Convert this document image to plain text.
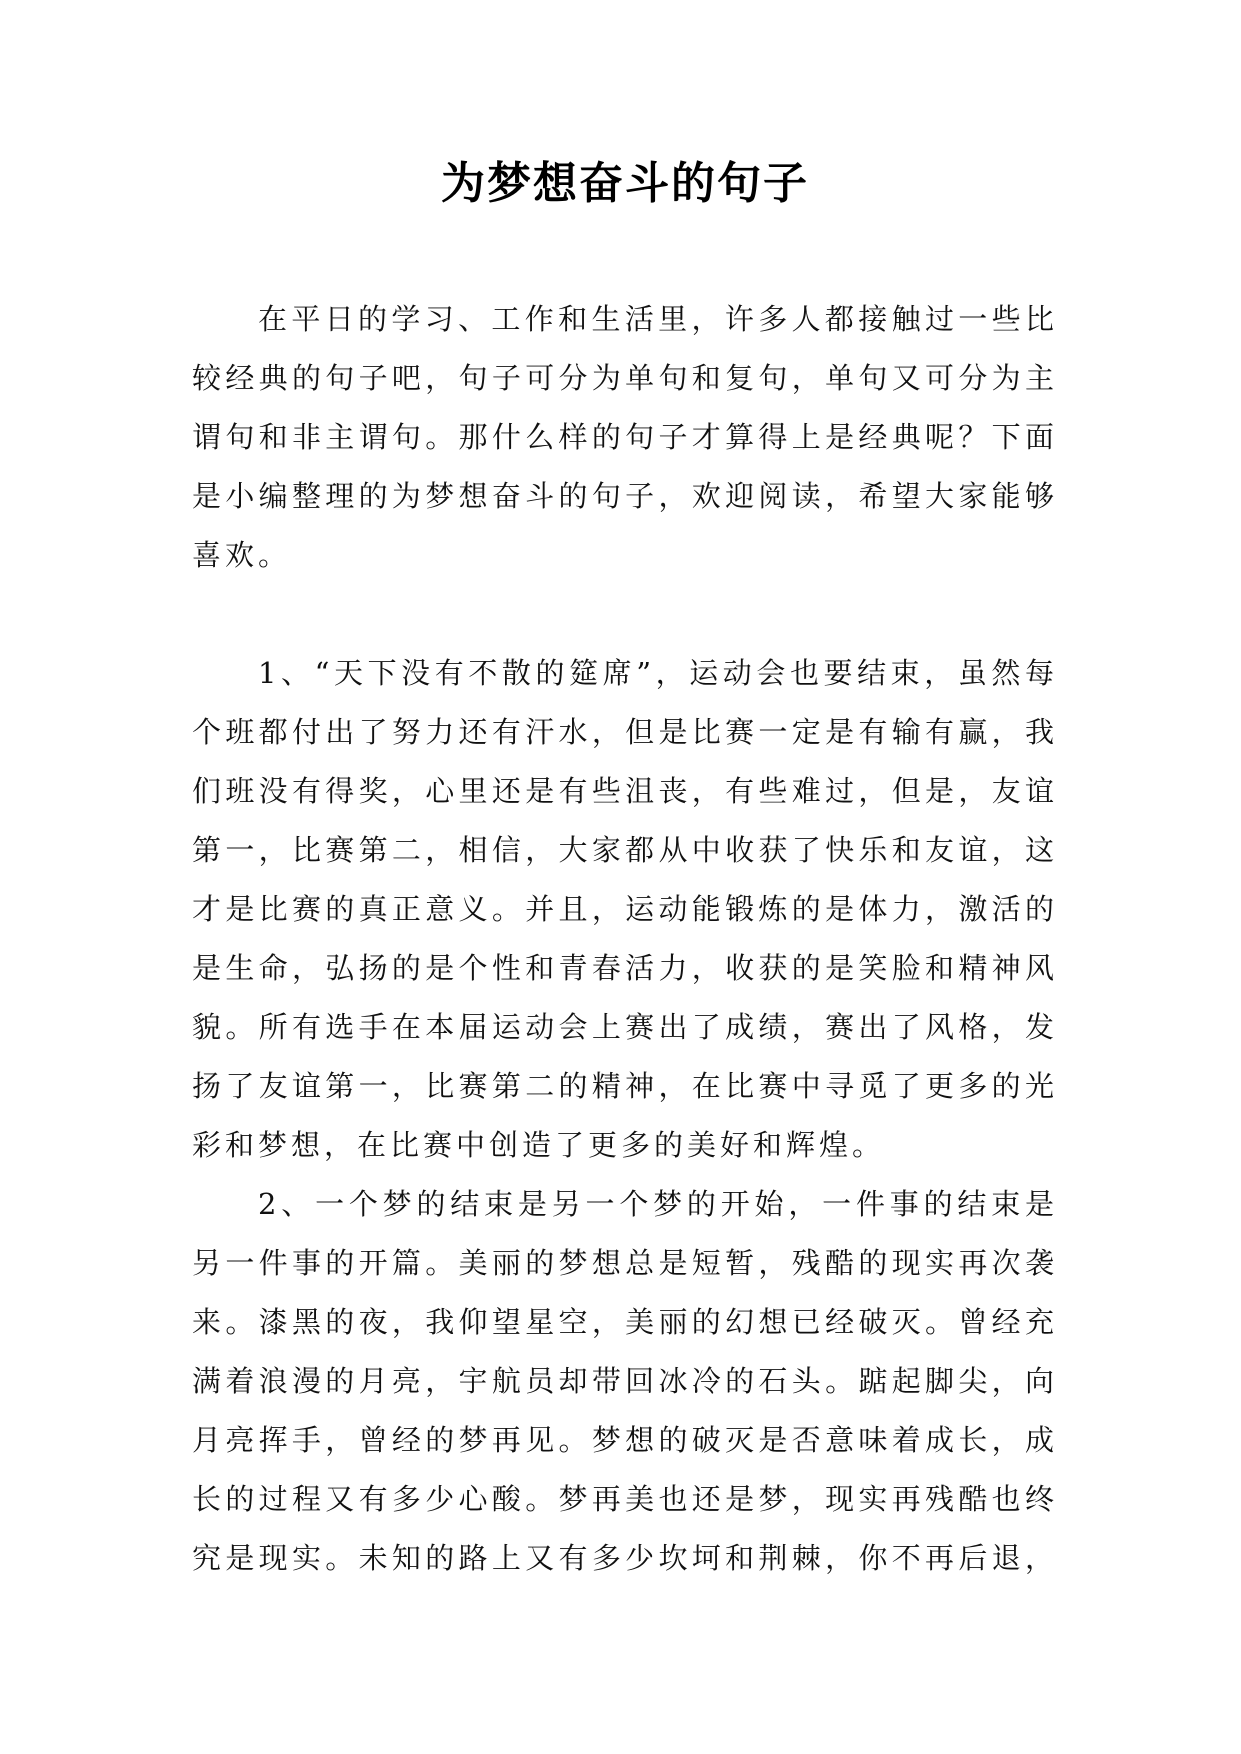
为梦想奋斗的句子
在平日的学习、工作和生活里，许多人都接触过一些比
较经典的句子吧，句子可分为单句和复句，单句又可分为主
谓句和非主谓句。那什么样的句子才算得上是经典呢？下面
是小编整理的为梦想奋斗的句子，欢迎阅读，希望大家能够
喜欢。
1、“天下没有不散的筵席”，运动会也要结束，虽然每
个班都付出了努力还有汗水，但是比赛一定是有输有赢，我
们班没有得奖，心里还是有些沮丧，有些难过，但是，友谊
第一，比赛第二，相信，大家都从中收获了快乐和友谊，这
才是比赛的真正意义。并且，运动能锻炼的是体力，激活的
是生命，弘扬的是个性和青春活力，收获的是笑脸和精神风
貌。所有选手在本届运动会上赛出了成绩，赛出了风格，发
扬了友谊第一，比赛第二的精神，在比赛中寻觅了更多的光
彩和梦想，在比赛中创造了更多的美好和辉煌。
2、一个梦的结束是另一个梦的开始，一件事的结束是
另一件事的开篇。美丽的梦想总是短暂，残酷的现实再次袭
来。漆黑的夜，我仰望星空，美丽的幻想已经破灭。曾经充
满着浪漫的月亮，宇航员却带回冰冷的石头。踮起脚尖，向
月亮挥手，曾经的梦再见。梦想的破灭是否意味着成长，成
长的过程又有多少心酸。梦再美也还是梦，现实再残酷也终
究是现实。未知的路上又有多少坎坷和荆棘，你不再后退，
